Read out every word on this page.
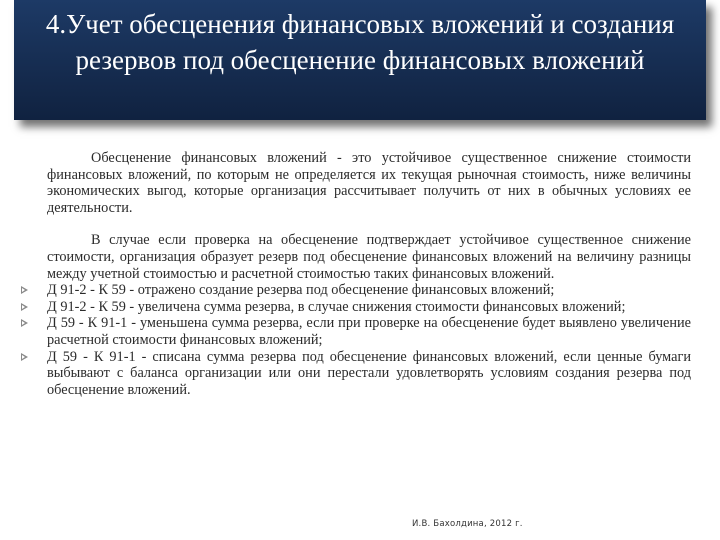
4.Учет обесценения финансовых вложений и создания резервов под обесценение финансовых вложений

Обесценение финансовых вложений - это устойчивое существенное снижение стоимости финансовых вложений, по которым не определяется их текущая рыночная стоимость, ниже величины экономических выгод, которые организация рассчитывает получить от них в обычных условиях ее деятельности.

В случае если проверка на обесценение подтверждает устойчивое существенное снижение стоимости, организация образует резерв под обесценение финансовых вложений на величину разницы между учетной стоимостью и расчетной стоимостью таких финансовых вложений.

Д 91-2 - К 59 - отражено создание резерва под обесценение финансовых вложений;
Д 91-2 - К 59 - увеличена сумма резерва, в случае снижения стоимости финансовых вложений;
Д 59 - К 91-1 - уменьшена сумма резерва, если при проверке на обесценение будет выявлено увеличение расчетной стоимости финансовых вложений;
Д 59 - К 91-1 - списана сумма резерва под обесценение финансовых вложений, если ценные бумаги выбывают с баланса организации или они перестали удовлетворять условиям создания резерва под обесценение вложений.
И.В. Бахолдина, 2012 г.
